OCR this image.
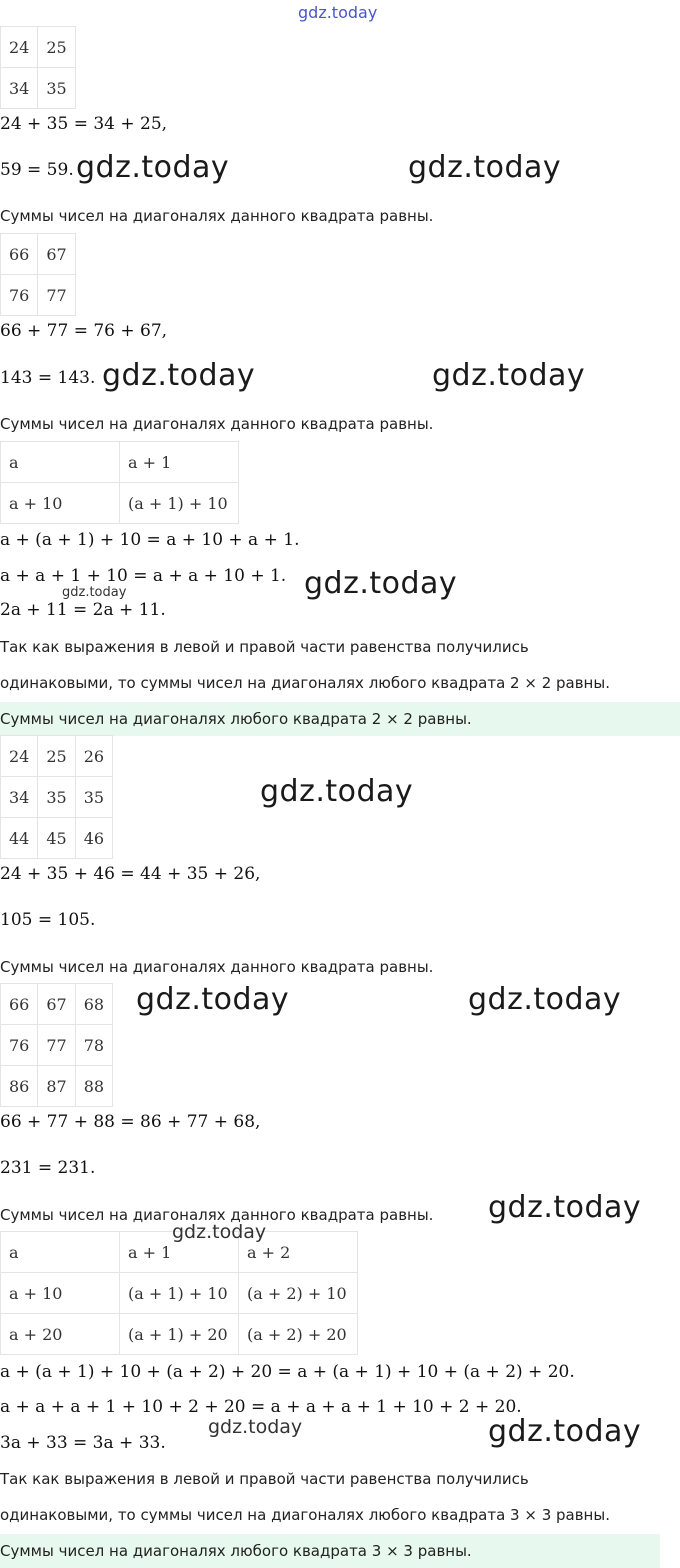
gdz.today
24	25
34	35
24 + 35 = 34 + 25,
59 = 59. gdz.today	gdz.today
Суммы чисел на диагоналях данного квадрата равны.
66	67
76	77
66 + 77 = 76 + 67,
143 = 143. gdz.today	gdz.today
Суммы чисел на диагоналях данного квадрата равны.
a	a + 1
a + 10	(a + 1) + 10
a + (a + 1) + 10 = a + 10 + a + 1.
a + a + 1 + 10 = a + a + 10 + 1.
gdz.today	gdz.today
2a + 11 = 2a + 11.
Так как выражения в левой и правой части равенства получились
одинаковыми, то суммы чисел на диагоналях любого квадрата 2 × 2 равны.
Суммы чисел на диагоналях любого квадрата 2 × 2 равны.
24	25	26
34	35	35
44	45	46
gdz.today
24 + 35 + 46 = 44 + 35 + 26,
105 = 105.
Суммы чисел на диагоналях данного квадрата равны.
66	67	68
76	77	78
86	87	88
gdz.today	gdz.today
66 + 77 + 88 = 86 + 77 + 68,
231 = 231.
Суммы чисел на диагоналях данного квадрата равны. gdz.today
a	a + 1	a + 2
a + 10	(a + 1) + 10	(a + 2) + 10
a + 20	(a + 1) + 20	(a + 2) + 20
gdz.today
a + (a + 1) + 10 + (a + 2) + 20 = a + (a + 1) + 10 + (a + 2) + 20.
a + a + a + 1 + 10 + 2 + 20 = a + a + a + 1 + 10 + 2 + 20.
gdz.today	gdz.today
3a + 33 = 3a + 33.
Так как выражения в левой и правой части равенства получились
одинаковыми, то суммы чисел на диагоналях любого квадрата 3 × 3 равны.
Суммы чисел на диагоналях любого квадрата 3 × 3 равны.
